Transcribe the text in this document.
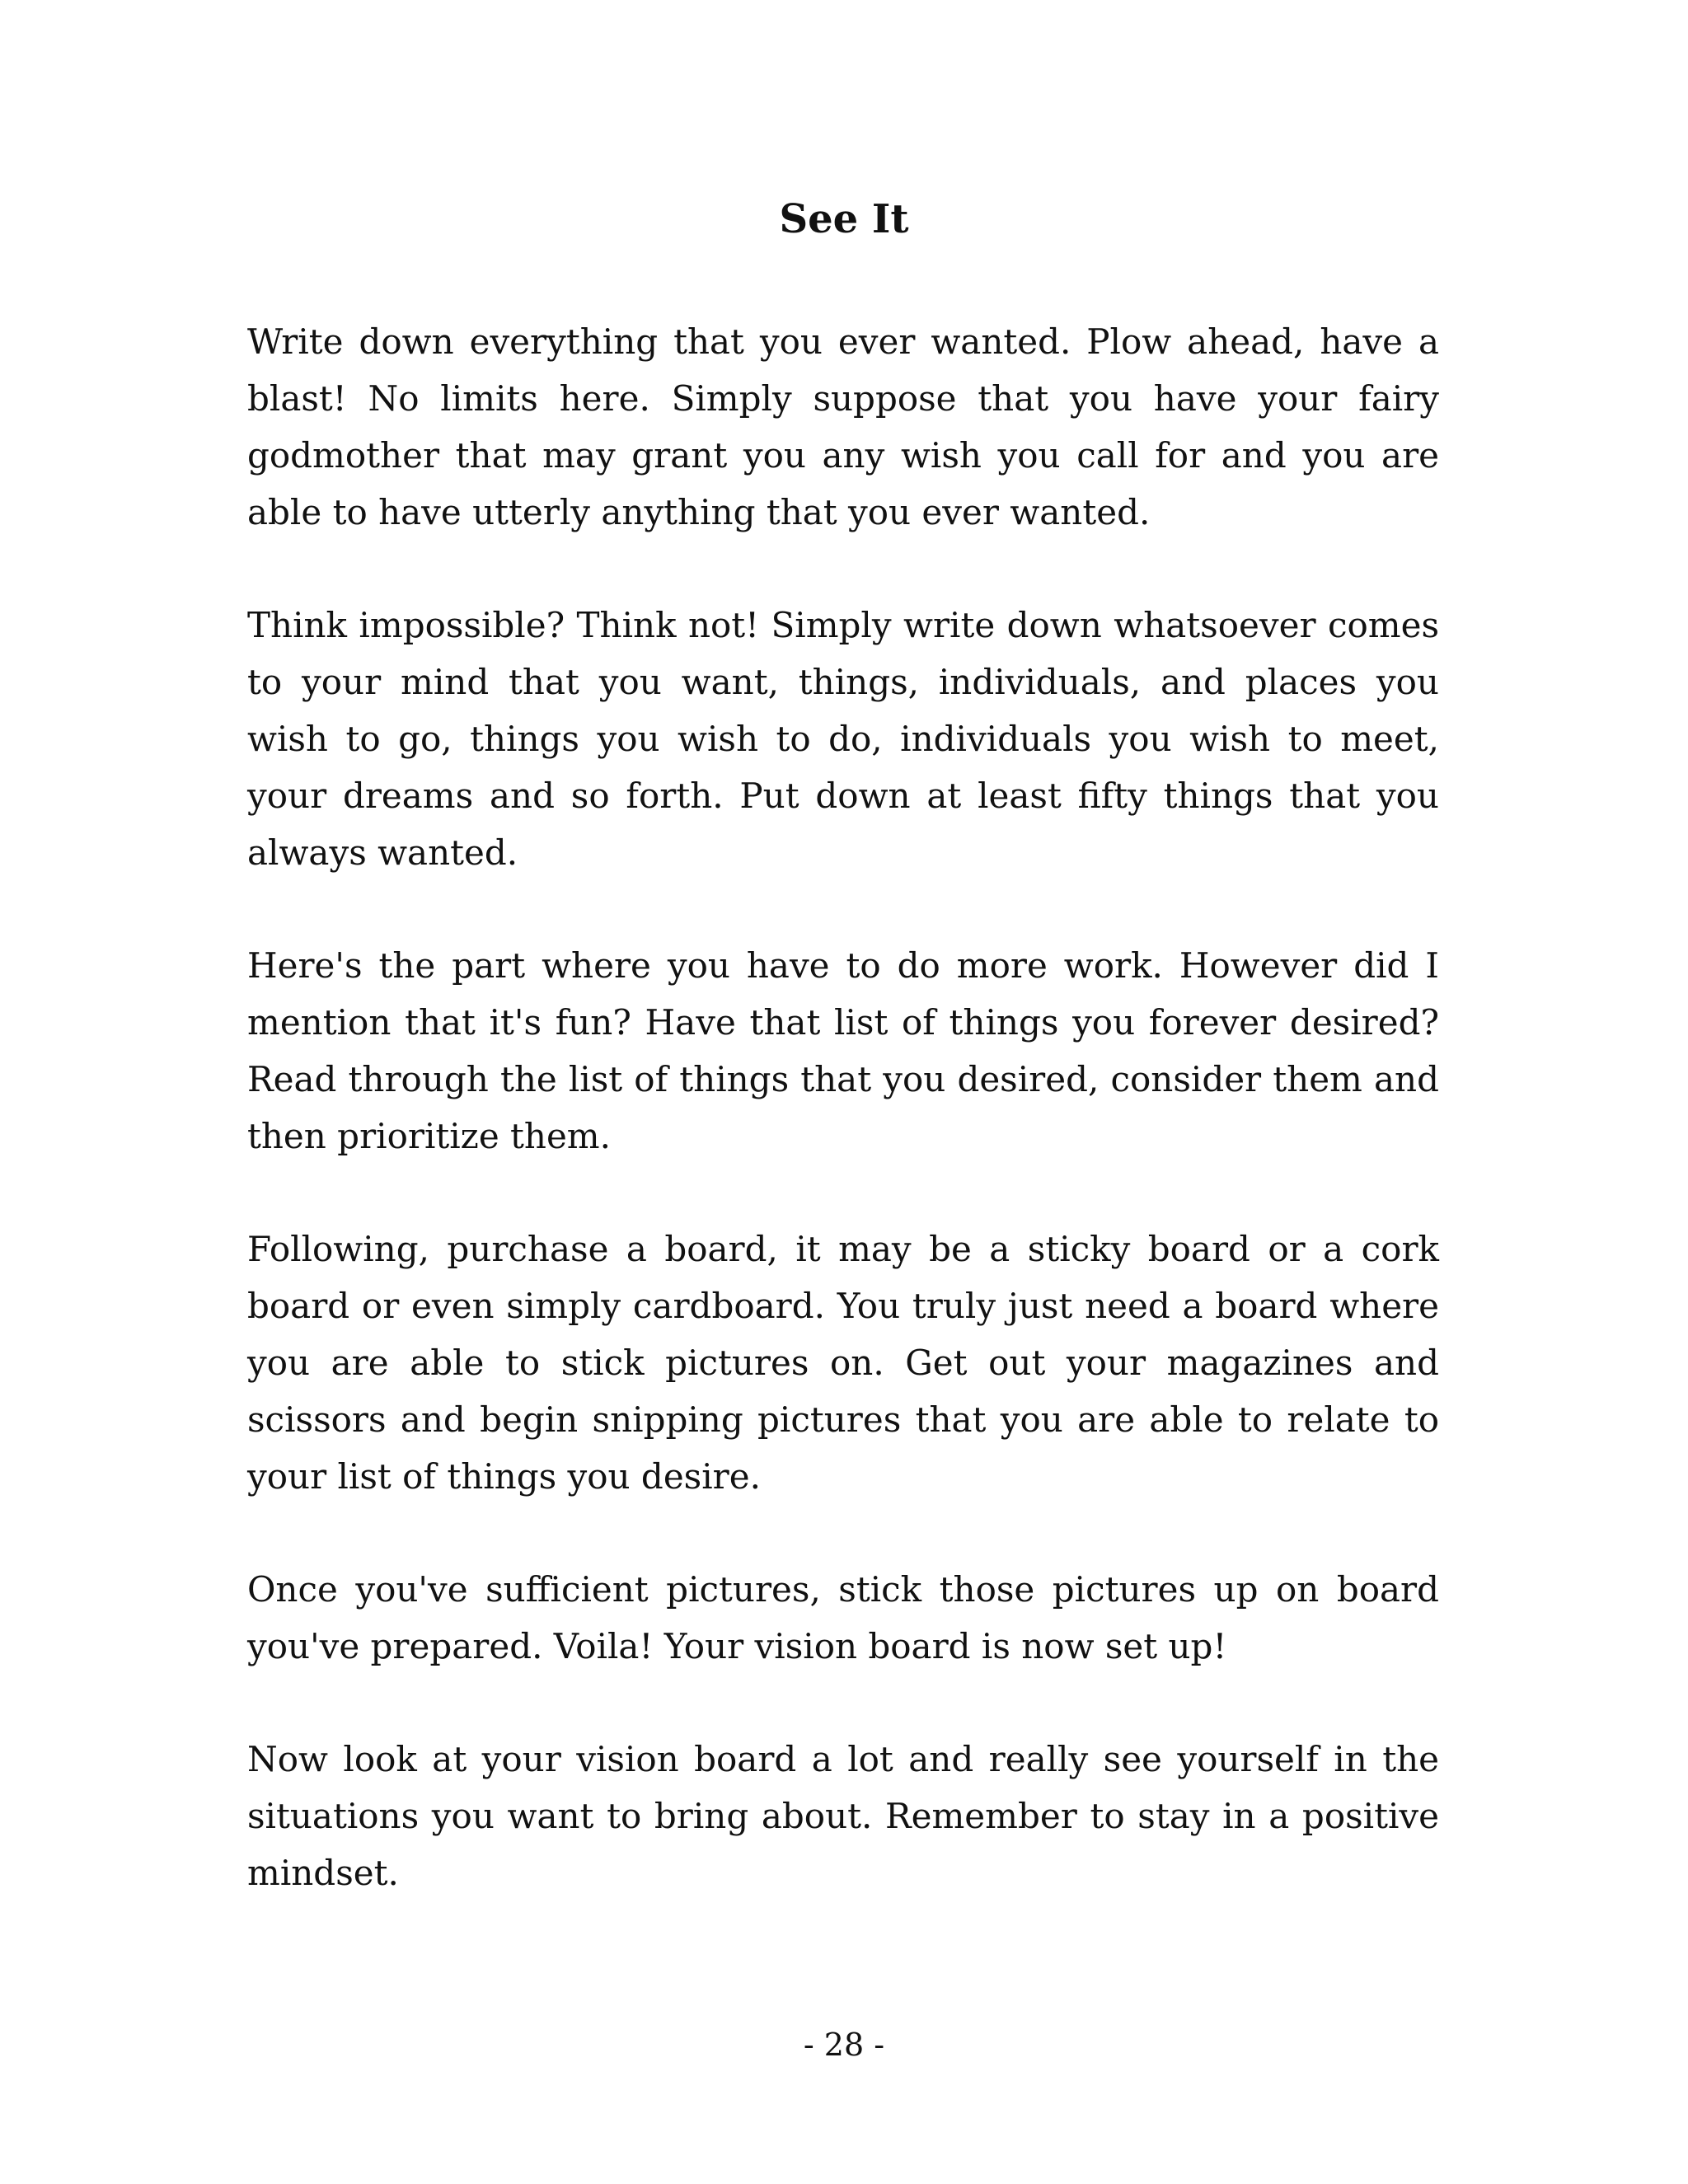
See It

Write down everything that you ever wanted. Plow ahead, have a blast! No limits here. Simply suppose that you have your fairy godmother that may grant you any wish you call for and you are able to have utterly anything that you ever wanted.

Think impossible? Think not! Simply write down whatsoever comes to your mind that you want, things, individuals, and places you wish to go, things you wish to do, individuals you wish to meet, your dreams and so forth. Put down at least fifty things that you always wanted.

Here's the part where you have to do more work. However did I mention that it's fun? Have that list of things you forever desired? Read through the list of things that you desired, consider them and then prioritize them.

Following, purchase a board, it may be a sticky board or a cork board or even simply cardboard. You truly just need a board where you are able to stick pictures on. Get out your magazines and scissors and begin snipping pictures that you are able to relate to your list of things you desire.

Once you've sufficient pictures, stick those pictures up on board you've prepared. Voila! Your vision board is now set up!

Now look at your vision board a lot and really see yourself in the situations you want to bring about. Remember to stay in a positive mindset.

- 28 -
